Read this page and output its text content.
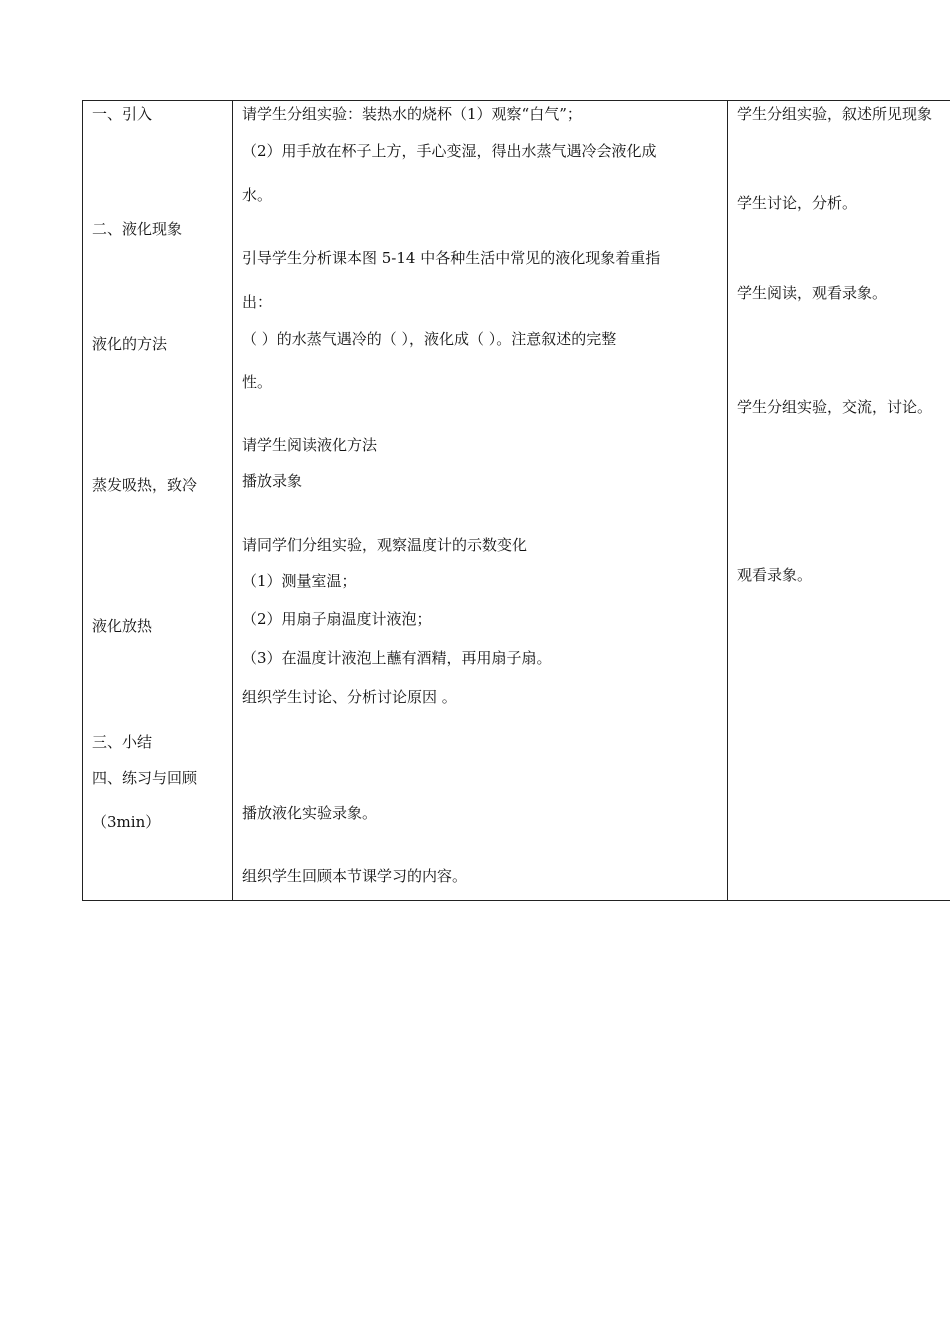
一、引入
二、液化现象
液化的方法
蒸发吸热，致冷
液化放热
三、小结
四、练习与回顾
（3min）
请学生分组实验：装热水的烧杯（1）观察“白气”；
（2）用手放在杯子上方，手心变湿，得出水蒸气遇冷会液化成
水。
引导学生分析课本图 5-14 中各种生活中常见的液化现象着重指
出：
（ ）的水蒸气遇冷的（ ），液化成（ ）。注意叙述的完整
性。
请学生阅读液化方法
播放录象
请同学们分组实验，观察温度计的示数变化
（1）测量室温；
（2）用扇子扇温度计液泡；
（3）在温度计液泡上蘸有酒精，再用扇子扇。
组织学生讨论、分析讨论原因 。
播放液化实验录象。
组织学生回顾本节课学习的内容。
学生分组实验，叙述所见现象
学生讨论，分析。
学生阅读，观看录象。
学生分组实验，交流，讨论。
观看录象。
